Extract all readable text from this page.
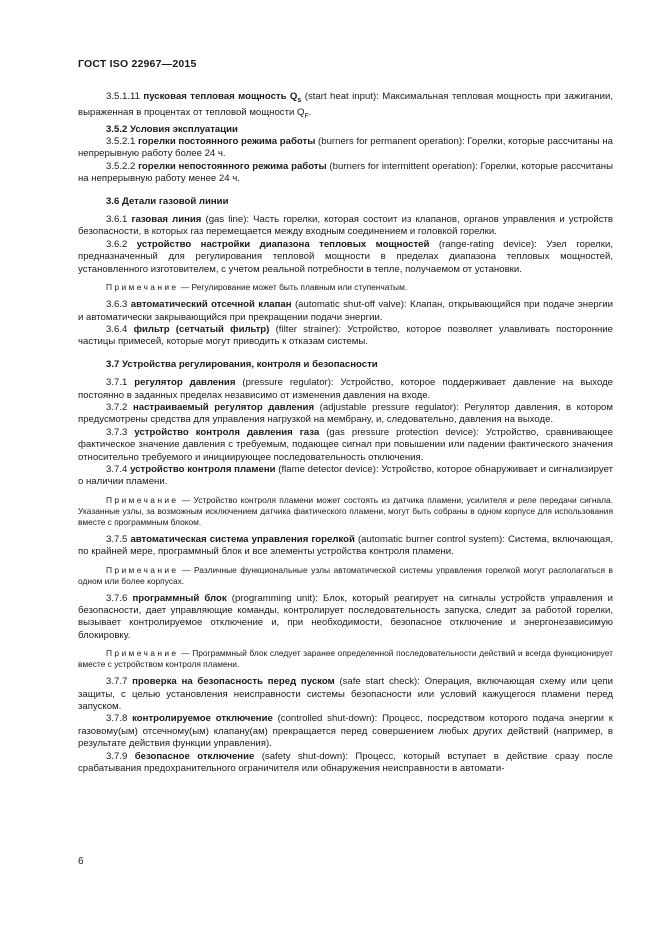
ГОСТ ISO 22967—2015

3.5.1.11 пусковая тепловая мощность $Q_s$ (start heat input): Максимальная тепловая мощность при зажигании, выраженная в процентах от тепловой мощности $Q_F$.

3.5.2 Условия эксплуатации

3.5.2.1 горелки постоянного режима работы (burners for permanent operation): Горелки, которые рассчитаны на непрерывную работу более 24 ч.

3.5.2.2 горелки непостоянного режима работы (burners for intermittent operation): Горелки, которые рассчитаны на непрерывную работу менее 24 ч.

3.6 Детали газовой линии

3.6.1 газовая линия (gas line): Часть горелки, которая состоит из клапанов, органов управления и устройств безопасности, в которых газ перемещается между входным соединением и головкой горелки.

3.6.2 устройство настройки диапазона тепловых мощностей (range-rating device): Узел горелки, предназначенный для регулирования тепловой мощности в пределах диапазона тепловых мощностей, установленного изготовителем, с учетом реальной потребности в тепле, получаемом от установки.

Примечание — Регулирование может быть плавным или ступенчатым.

3.6.3 автоматический отсечной клапан (automatic shut-off valve): Клапан, открывающийся при подаче энергии и автоматически закрывающийся при прекращении подачи энергии.

3.6.4 фильтр (сетчатый фильтр) (filter strainer): Устройство, которое позволяет улавливать посторонние частицы примесей, которые могут приводить к отказам системы.

3.7 Устройства регулирования, контроля и безопасности

3.7.1 регулятор давления (pressure regulator): Устройство, которое поддерживает давление на выходе постоянно в заданных пределах независимо от изменения давления на входе.

3.7.2 настраиваемый регулятор давления (adjustable pressure regulator): Регулятор давления, в котором предусмотрены средства для управления нагрузкой на мембрану, и, следовательно, давления на выходе.

3.7.3 устройство контроля давления газа (gas pressure protection device): Устройство, сравнивающее фактическое значение давления с требуемым, подающее сигнал при повышении или падении фактического значения относительно требуемого и инициирующее последовательность отключения.

3.7.4 устройство контроля пламени (flame detector device): Устройство, которое обнаруживает и сигнализирует о наличии пламени.

Примечание — Устройство контроля пламени может состоять из датчика пламени, усилителя и реле передачи сигнала. Указанные узлы, за возможным исключением датчика фактического пламени, могут быть собраны в одном корпусе для использования вместе с программным блоком.

3.7.5 автоматическая система управления горелкой (automatic burner control system): Система, включающая, по крайней мере, программный блок и все элементы устройства контроля пламени.

Примечание — Различные функциональные узлы автоматической системы управления горелкой могут располагаться в одном или более корпусах.

3.7.6 программный блок (programming unit): Блок, который реагирует на сигналы устройств управления и безопасности, дает управляющие команды, контролирует последовательность запуска, следит за работой горелки, вызывает контролируемое отключение и, при необходимости, безопасное отключение и энергонезависимую блокировку.

Примечание — Программный блок следует заранее определенной последовательности действий и всегда функционирует вместе с устройством контроля пламени.

3.7.7 проверка на безопасность перед пуском (safe start check): Операция, включающая схему или цепи защиты, с целью установления неисправности системы безопасности или условий кажущегося пламени перед запуском.

3.7.8 контролируемое отключение (controlled shut-down): Процесс, посредством которого подача энергии к газовому(ым) отсечному(ым) клапану(ам) прекращается перед совершением любых других действий (например, в результате действия функции управления).

3.7.9 безопасное отключение (safety shut-down): Процесс, который вступает в действие сразу после срабатывания предохранительного ограничителя или обнаружения неисправности в автомати-

6
